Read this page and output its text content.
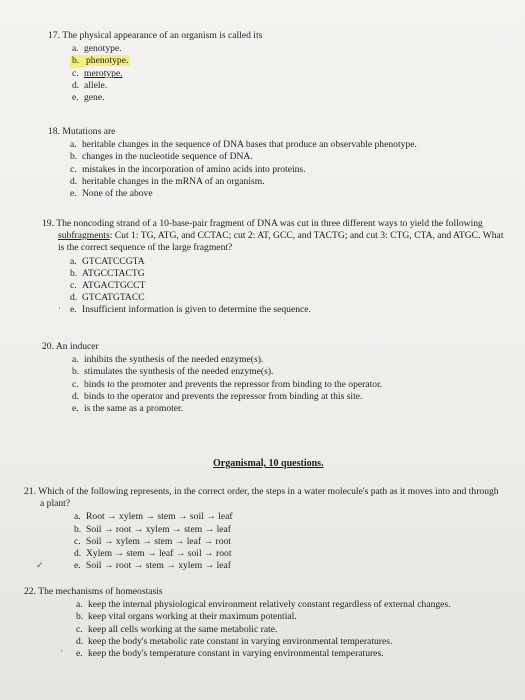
17. The physical appearance of an organism is called its
a. genotype.
b. phenotype.
c. merotype.
d. allele.
e. gene.
18. Mutations are
a. heritable changes in the sequence of DNA bases that produce an observable phenotype.
b. changes in the nucleotide sequence of DNA.
c. mistakes in the incorporation of amino acids into proteins.
d. heritable changes in the mRNA of an organism.
e. None of the above
19. The noncoding strand of a 10-base-pair fragment of DNA was cut in three different ways to yield the following subfragments: Cut 1: TG, ATG, and CCTAC; cut 2: AT, GCC, and TACTG; and cut 3: CTG, CTA, and ATGC. What is the correct sequence of the large fragment?
a. GTCATCCGTA
b. ATGCCTACTG
c. ATGACTGCCT
d. GTCATGTACC
e. Insufficient information is given to determine the sequence.
·
20. An inducer
a. inhibits the synthesis of the needed enzyme(s).
b. stimulates the synthesis of the needed enzyme(s).
c. binds to the promoter and prevents the repressor from binding to the operator.
d. binds to the operator and prevents the repressor from binding at this site.
e. is the same as a promoter.
Organismal, 10 questions.
21. Which of the following represents, in the correct order, the steps in a water molecule's path as it moves into and through a plant?
a. Root → xylem → stem → soil → leaf
b. Soil → root → xylem → stem → leaf
c. Soil → xylem → stem → leaf → root
d. Xylem → stem → leaf → soil → root
e. Soil → root → stem → xylem → leaf
✓
22. The mechanisms of homeostasis
a. keep the internal physiological environment relatively constant regardless of external changes.
b. keep vital organs working at their maximum potential.
c. keep all cells working at the same metabolic rate.
d. keep the body's metabolic rate constant in varying environmental temperatures.
e. keep the body's temperature constant in varying environmental temperatures.
·
